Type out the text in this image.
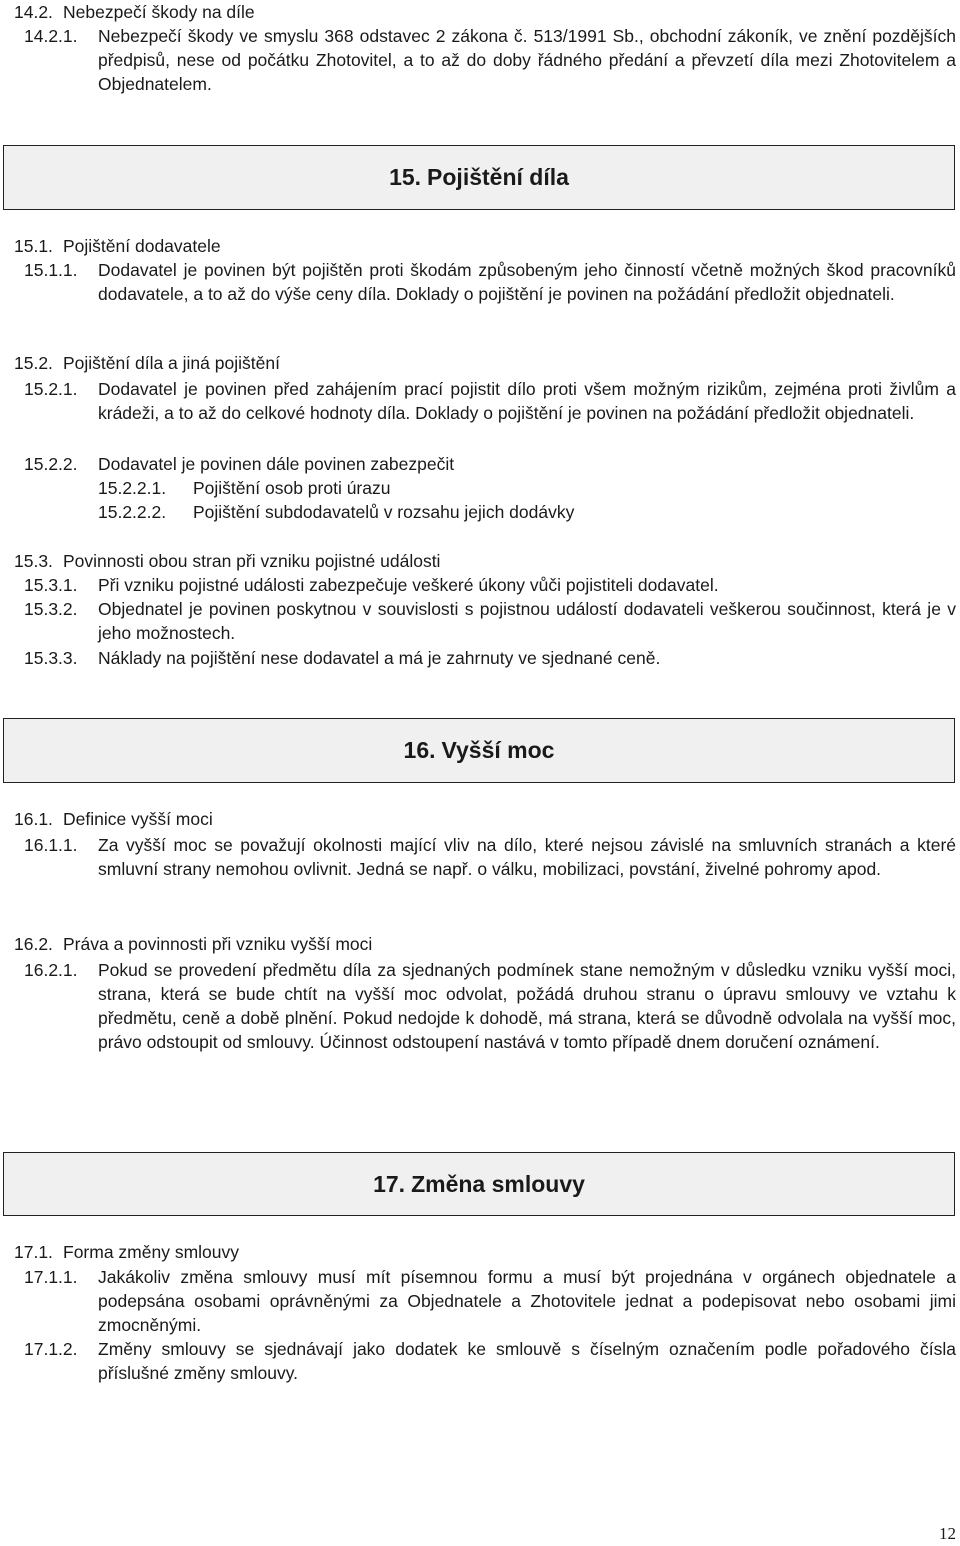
14.2. Nebezpečí škody na díle
14.2.1. Nebezpečí škody ve smyslu 368 odstavec 2 zákona č. 513/1991 Sb., obchodní zákoník, ve znění pozdějších předpisů, nese od počátku Zhotovitel, a to až do doby řádného předání a převzetí díla mezi Zhotovitelem a Objednatelem.
15. Pojištění díla
15.1. Pojištění dodavatele
15.1.1. Dodavatel je povinen být pojištěn proti škodám způsobeným jeho činností včetně možných škod pracovníků dodavatele, a to až do výše ceny díla. Doklady o pojištění je povinen na požádání předložit objednateli.
15.2. Pojištění díla a jiná pojištění
15.2.1. Dodavatel je povinen před zahájením prací pojistit dílo proti všem možným rizikům, zejména proti živlům a krádeži, a to až do celkové hodnoty díla. Doklady o pojištění je povinen na požádání předložit objednateli.
15.2.2. Dodavatel je povinen dále povinen zabezpečit
15.2.2.1. Pojištění osob proti úrazu
15.2.2.2. Pojištění subdodavatelů v rozsahu jejich dodávky
15.3. Povinnosti obou stran při vzniku pojistné události
15.3.1. Při vzniku pojistné události zabezpečuje veškeré úkony vůči pojistiteli dodavatel.
15.3.2. Objednatel je povinen poskytnou v souvislosti s pojistnou událostí dodavateli veškerou součinnost, která je v jeho možnostech.
15.3.3. Náklady na pojištění nese dodavatel a má je zahrnuty ve sjednané ceně.
16. Vyšší moc
16.1. Definice vyšší moci
16.1.1. Za vyšší moc se považují okolnosti mající vliv na dílo, které nejsou závislé na smluvních stranách a které smluvní strany nemohou ovlivnit. Jedná se např. o válku, mobilizaci, povstání, živelné pohromy apod.
16.2. Práva a povinnosti při vzniku vyšší moci
16.2.1. Pokud se provedení předmětu díla za sjednaných podmínek stane nemožným v důsledku vzniku vyšší moci, strana, která se bude chtít na vyšší moc odvolat, požádá druhou stranu o úpravu smlouvy ve vztahu k předmětu, ceně a době plnění. Pokud nedojde k dohodě, má strana, která se důvodně odvolala na vyšší moc, právo odstoupit od smlouvy. Účinnost odstoupení nastává v tomto případě dnem doručení oznámení.
17. Změna smlouvy
17.1. Forma změny smlouvy
17.1.1. Jakákoliv změna smlouvy musí mít písemnou formu a musí být projednána v orgánech objednatele a podepsána osobami oprávněnými za Objednatele a Zhotovitele jednat a podepisovat nebo osobami jimi zmocněnými.
17.1.2. Změny smlouvy se sjednávají jako dodatek ke smlouvě s číselným označením podle pořadového čísla příslušné změny smlouvy.
12
